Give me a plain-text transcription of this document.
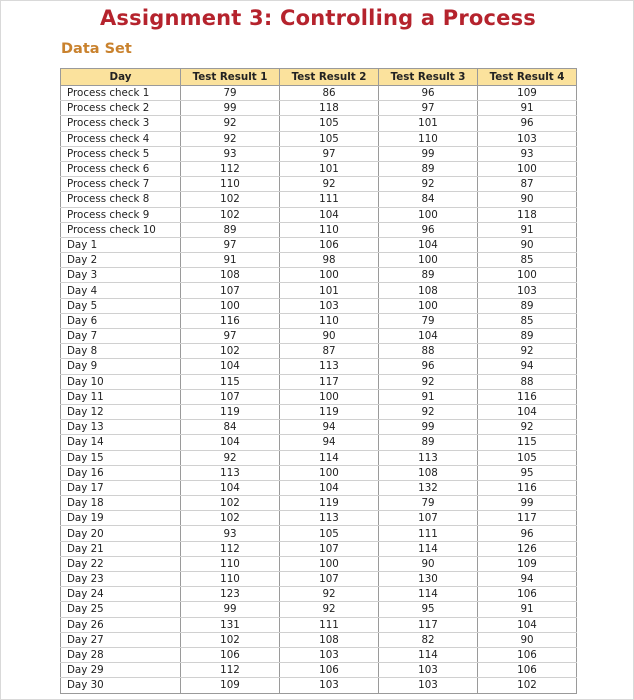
Assignment 3: Controlling a Process
Data Set
Day	Test Result 1	Test Result 2	Test Result 3	Test Result 4
Process check 1	79	86	96	109
Process check 2	99	118	97	91
Process check 3	92	105	101	96
Process check 4	92	105	110	103
Process check 5	93	97	99	93
Process check 6	112	101	89	100
Process check 7	110	92	92	87
Process check 8	102	111	84	90
Process check 9	102	104	100	118
Process check 10	89	110	96	91
Day 1	97	106	104	90
Day 2	91	98	100	85
Day 3	108	100	89	100
Day 4	107	101	108	103
Day 5	100	103	100	89
Day 6	116	110	79	85
Day 7	97	90	104	89
Day 8	102	87	88	92
Day 9	104	113	96	94
Day 10	115	117	92	88
Day 11	107	100	91	116
Day 12	119	119	92	104
Day 13	84	94	99	92
Day 14	104	94	89	115
Day 15	92	114	113	105
Day 16	113	100	108	95
Day 17	104	104	132	116
Day 18	102	119	79	99
Day 19	102	113	107	117
Day 20	93	105	111	96
Day 21	112	107	114	126
Day 22	110	100	90	109
Day 23	110	107	130	94
Day 24	123	92	114	106
Day 25	99	92	95	91
Day 26	131	111	117	104
Day 27	102	108	82	90
Day 28	106	103	114	106
Day 29	112	106	103	106
Day 30	109	103	103	102
